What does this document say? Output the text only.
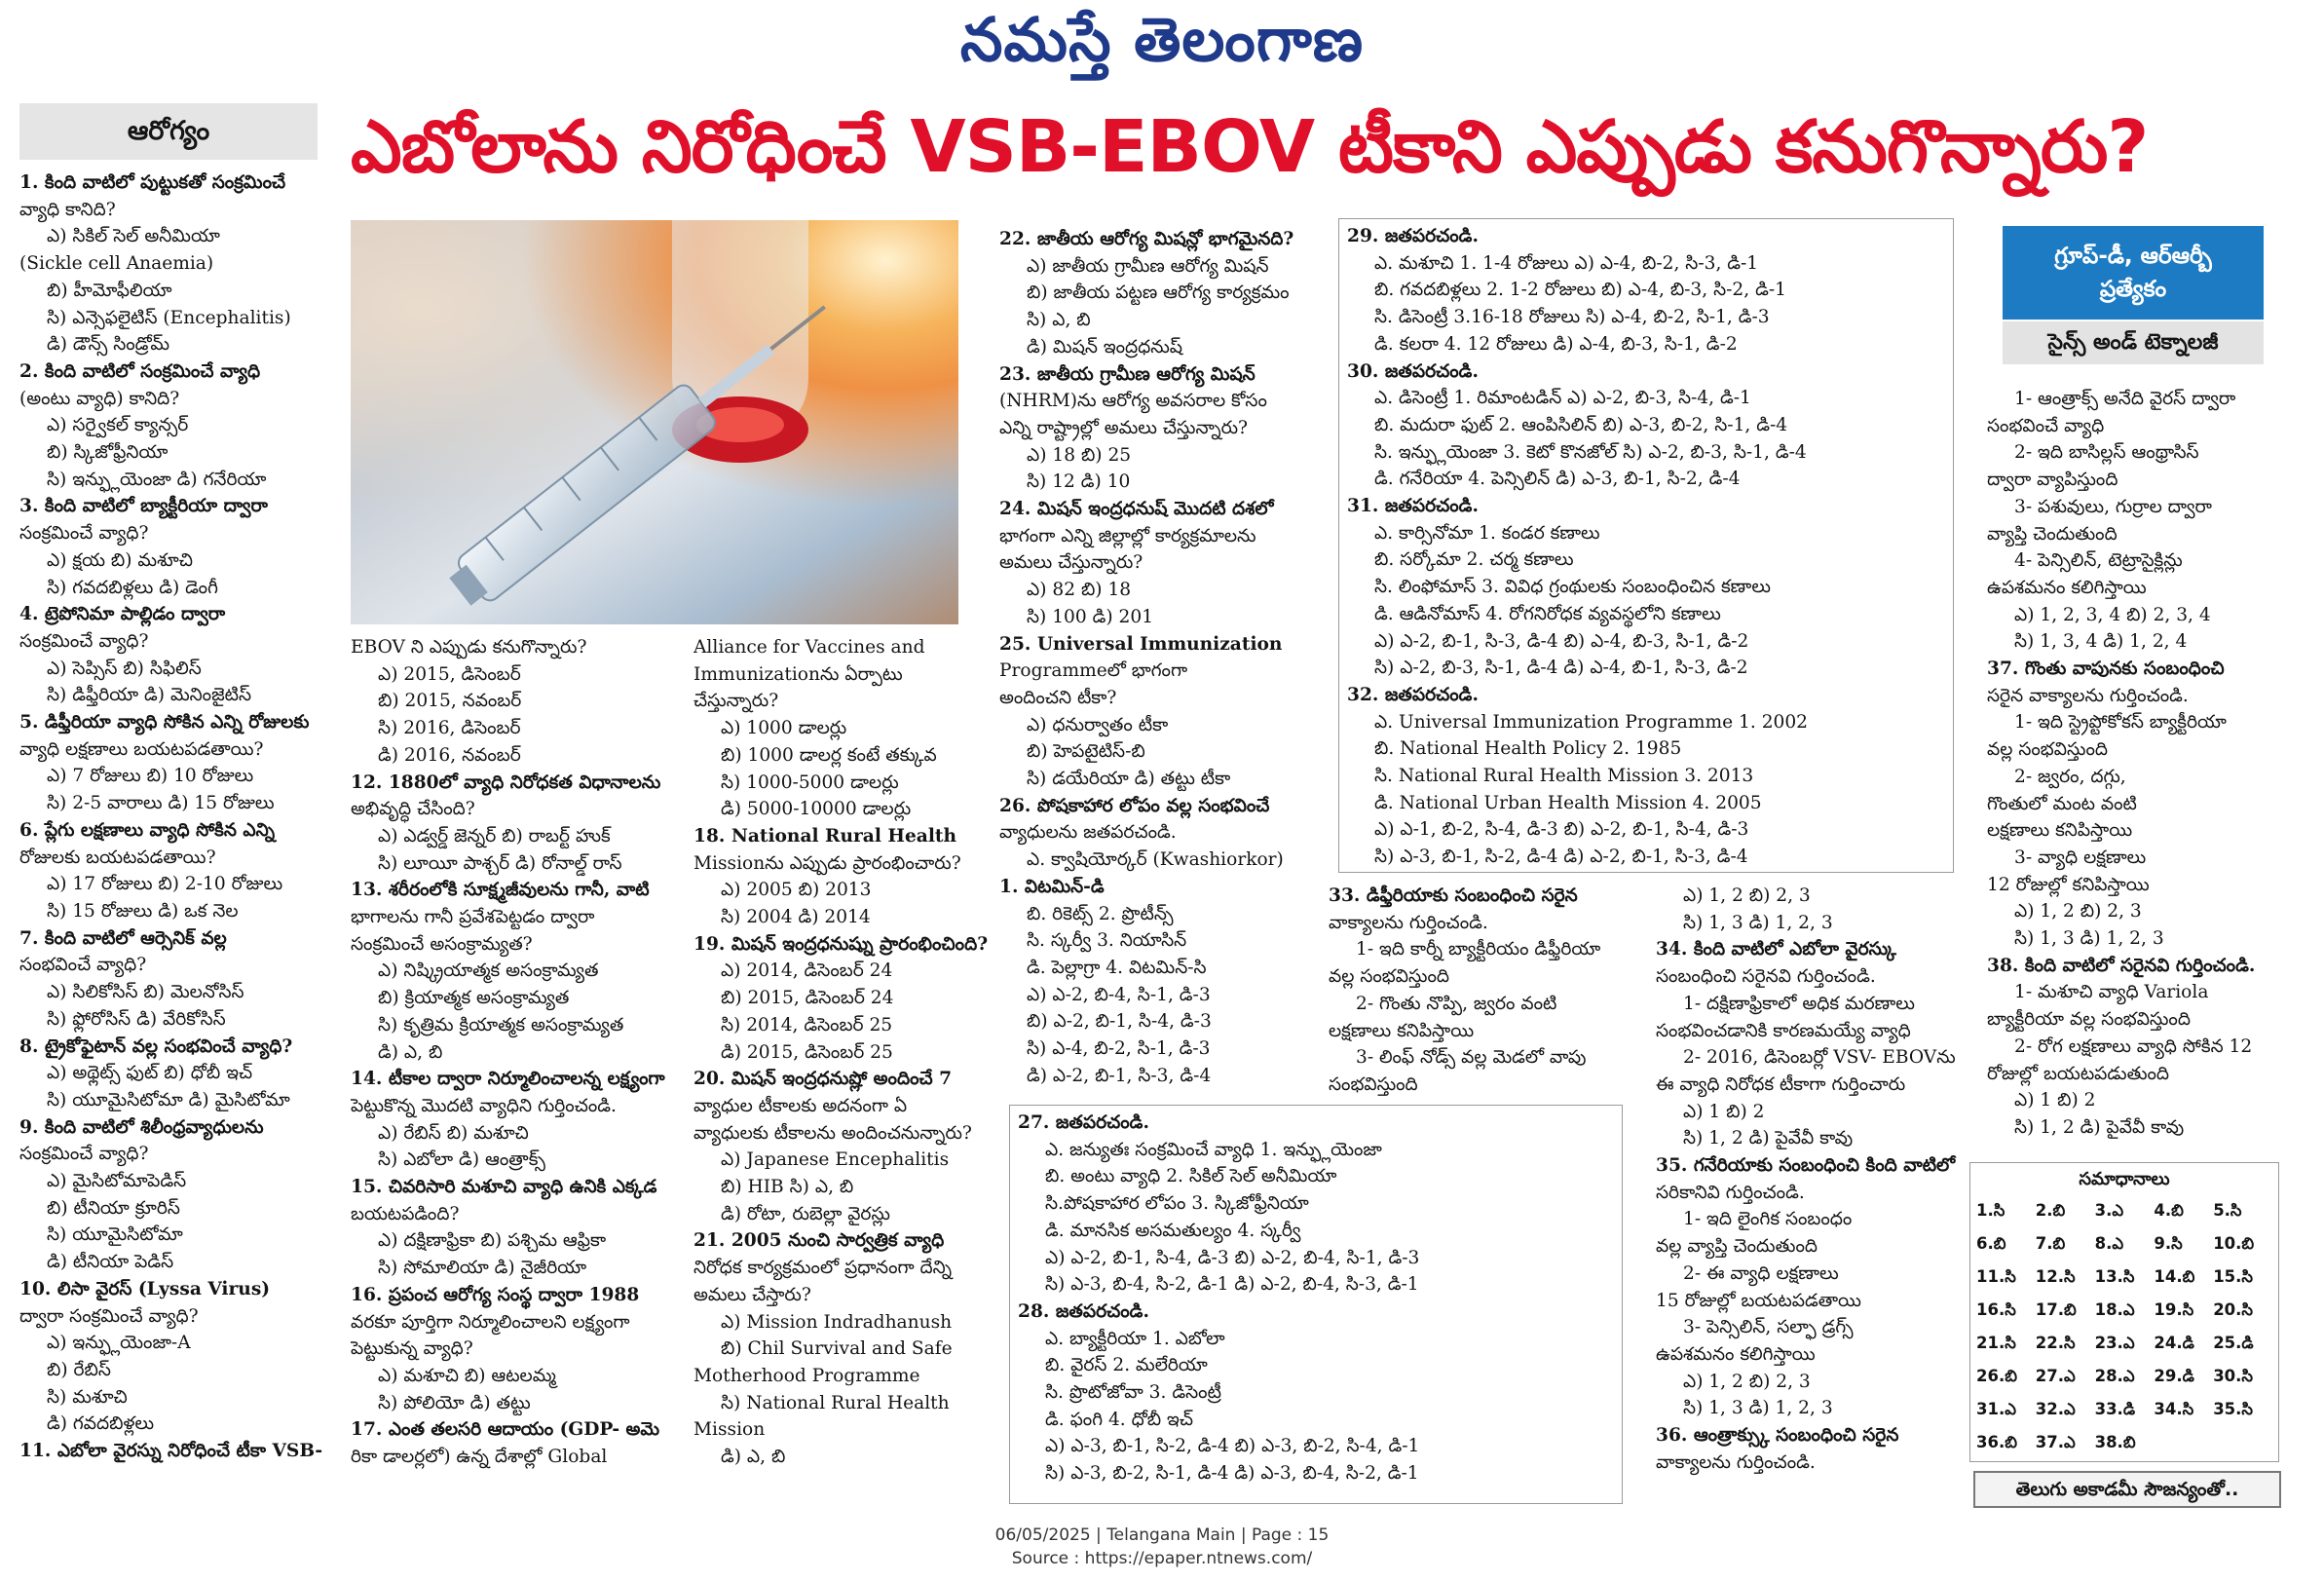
నమస్తే తెలంగాణ
ఆరోగ్యం	ఎబోలాను నిరోధించే VSB-EBOV టీకాని ఎప్పుడు కనుగొన్నారు?
1. కింది వాటిలో పుట్టుకతో సంక్రమించే
వ్యాధి కానిది?
ఎ) సికిల్ సెల్ అనీమియా
(Sickle cell Anaemia)
బి) హీమోఫీలియా
సి) ఎన్సెఫలైటిస్ (Encephalitis)
డి) డౌన్స్ సిండ్రోమ్
2. కింది వాటిలో సంక్రమించే వ్యాధి
(అంటు వ్యాధి) కానిది?
ఎ) సర్వైకల్ క్యాన్సర్
బి) స్కిజోఫ్రీనియా
సి) ఇన్ఫ్లుయెంజా డి) గనేరియా
3. కింది వాటిలో బ్యాక్టీరియా ద్వారా
సంక్రమించే వ్యాధి?
ఎ) క్షయ బి) మశూచి
సి) గవదబిళ్లలు డి) డెంగీ
4. ట్రెపోనిమా పాల్లిడం ద్వారా
సంక్రమించే వ్యాధి?
ఎ) సెప్సిస్ బి) సిఫిలిస్
సి) డిఫ్తీరియా డి) మెనింజైటిస్
5. డిఫ్తీరియా వ్యాధి సోకిన ఎన్ని రోజులకు
వ్యాధి లక్షణాలు బయటపడతాయి?
ఎ) 7 రోజులు బి) 10 రోజులు
సి) 2-5 వారాలు డి) 15 రోజులు
6. ప్లేగు లక్షణాలు వ్యాధి సోకిన ఎన్ని
రోజులకు బయటపడతాయి?
ఎ) 17 రోజులు బి) 2-10 రోజులు
సి) 15 రోజులు డి) ఒక నెల
7. కింది వాటిలో ఆర్సెనిక్ వల్ల
సంభవించే వ్యాధి?
ఎ) సిలికోసిస్ బి) మెలనోసిస్
సి) ఫ్లోరోసిస్ డి) వేరికోసిస్
8. ట్రైకోఫైటాన్ వల్ల సంభవించే వ్యాధి?
ఎ) అథ్లెట్స్ ఫుట్ బి) ధోబీ ఇచ్
సి) యూమైసిటోమా డి) మైసిటోమా
9. కింది వాటిలో శిలీంధ్రవ్యాధులను
సంక్రమించే వ్యాధి?
ఎ) మైసిటోమాపెడిస్
బి) టీనియా క్రూరిస్
సి) యూమైసిటోమా
డి) టీనియా పెడిస్
10. లిసా వైరస్ (Lyssa Virus)
ద్వారా సంక్రమించే వ్యాధి?
ఎ) ఇన్ఫ్లుయెంజా-A
బి) రేబిస్
సి) మశూచి
డి) గవదబిళ్లలు
11. ఎబోలా వైరస్ను నిరోధించే టీకా VSB-
EBOV ని ఎప్పుడు కనుగొన్నారు?
ఎ) 2015, డిసెంబర్
బి) 2015, నవంబర్
సి) 2016, డిసెంబర్
డి) 2016, నవంబర్
12. 1880లో వ్యాధి నిరోధకత విధానాలను
అభివృద్ధి చేసింది?
ఎ) ఎడ్వర్డ్ జెన్నర్ బి) రాబర్ట్ హుక్
సి) లూయీ పాశ్చర్ డి) రోనాల్డ్ రాస్
13. శరీరంలోకి సూక్ష్మజీవులను గానీ, వాటి
భాగాలను గానీ ప్రవేశపెట్టడం ద్వారా
సంక్రమించే అసంక్రామ్యత?
ఎ) నిష్క్రియాత్మక అసంక్రామ్యత
బి) క్రియాత్మక అసంక్రామ్యత
సి) కృత్రిమ క్రియాత్మక అసంక్రామ్యత
డి) ఎ, బి
14. టీకాల ద్వారా నిర్మూలించాలన్న లక్ష్యంగా
పెట్టుకొన్న మొదటి వ్యాధిని గుర్తించండి.
ఎ) రేబిస్ బి) మశూచి
సి) ఎబోలా డి) ఆంత్రాక్స్
15. చివరిసారి మశూచి వ్యాధి ఉనికి ఎక్కడ
బయటపడింది?
ఎ) దక్షిణాఫ్రికా బి) పశ్చిమ ఆఫ్రికా
సి) సోమాలియా డి) నైజీరియా
16. ప్రపంచ ఆరోగ్య సంస్థ ద్వారా 1988
వరకూ పూర్తిగా నిర్మూలించాలని లక్ష్యంగా
పెట్టుకున్న వ్యాధి?
ఎ) మశూచి బి) ఆటలమ్మ
సి) పోలియో డి) తట్టు
17. ఎంత తలసరి ఆదాయం (GDP- అమె
రికా డాలర్లలో) ఉన్న దేశాల్లో Global
Alliance for Vaccines and
Immunizationను ఏర్పాటు
చేస్తున్నారు?
ఎ) 1000 డాలర్లు
బి) 1000 డాలర్ల కంటే తక్కువ
సి) 1000-5000 డాలర్లు
డి) 5000-10000 డాలర్లు
18. National Rural Health
Missionను ఎప్పుడు ప్రారంభించారు?
ఎ) 2005 బి) 2013
సి) 2004 డి) 2014
19. మిషన్ ఇంద్రధనుష్ను ప్రారంభించింది?
ఎ) 2014, డిసెంబర్ 24
బి) 2015, డిసెంబర్ 24
సి) 2014, డిసెంబర్ 25
డి) 2015, డిసెంబర్ 25
20. మిషన్ ఇంద్రధనుష్లో అందించే 7
వ్యాధుల టీకాలకు అదనంగా ఏ
వ్యాధులకు టీకాలను అందించనున్నారు?
ఎ) Japanese Encephalitis
బి) HIB సి) ఎ, బి
డి) రోటా, రుబెల్లా వైరస్లు
21. 2005 నుంచి సార్వత్రిక వ్యాధి
నిరోధక కార్యక్రమంలో ప్రధానంగా దేన్ని
అమలు చేస్తారు?
ఎ) Mission Indradhanush
బి) Chil Survival and Safe
Motherhood Programme
సి) National Rural Health
Mission
డి) ఎ, బి
22. జాతీయ ఆరోగ్య మిషన్లో భాగమైనది?
ఎ) జాతీయ గ్రామీణ ఆరోగ్య మిషన్
బి) జాతీయ పట్టణ ఆరోగ్య కార్యక్రమం
సి) ఎ, బి
డి) మిషన్ ఇంద్రధనుష్
23. జాతీయ గ్రామీణ ఆరోగ్య మిషన్
(NHRM)ను ఆరోగ్య అవసరాల కోసం
ఎన్ని రాష్ట్రాల్లో అమలు చేస్తున్నారు?
ఎ) 18 బి) 25
సి) 12 డి) 10
24. మిషన్ ఇంద్రధనుష్ మొదటి దశలో
భాగంగా ఎన్ని జిల్లాల్లో కార్యక్రమాలను
అమలు చేస్తున్నారు?
ఎ) 82 బి) 18
సి) 100 డి) 201
25. Universal Immunization
Programmeలో భాగంగా
అందించని టీకా?
ఎ) ధనుర్వాతం టీకా
బి) హెపటైటిస్-బి
సి) డయేరియా డి) తట్టు టీకా
26. పోషకాహార లోపం వల్ల సంభవించే
వ్యాధులను జతపరచండి.
ఎ. క్వాషియోర్కర్ (Kwashiorkor)
1. విటమిన్-డి
బి. రికెట్స్ 2. ప్రొటీన్స్
సి. స్కర్వీ 3. నియాసిన్
డి. పెల్లాగ్రా 4. విటమిన్-సి
ఎ) ఎ-2, బి-4, సి-1, డి-3
బి) ఎ-2, బి-1, సి-4, డి-3
సి) ఎ-4, బి-2, సి-1, డి-3
డి) ఎ-2, బి-1, సి-3, డి-4
27. జతపరచండి.
ఎ. జన్యుతః సంక్రమించే వ్యాధి 1. ఇన్ఫ్లుయెంజా
బి. అంటు వ్యాధి 2. సికిల్ సెల్ అనీమియా
సి.పోషకాహార లోపం 3. స్కిజోఫ్రీనియా
డి. మానసిక అసమతుల్యం 4. స్కర్వీ
ఎ) ఎ-2, బి-1, సి-4, డి-3 బి) ఎ-2, బి-4, సి-1, డి-3
సి) ఎ-3, బి-4, సి-2, డి-1 డి) ఎ-2, బి-4, సి-3, డి-1
28. జతపరచండి.
ఎ. బ్యాక్టీరియా 1. ఎబోలా
బి. వైరస్ 2. మలేరియా
సి. ప్రొటోజోవా 3. డిసెంట్రీ
డి. ఫంగి 4. ధోబీ ఇచ్
ఎ) ఎ-3, బి-1, సి-2, డి-4 బి) ఎ-3, బి-2, సి-4, డి-1
సి) ఎ-3, బి-2, సి-1, డి-4 డి) ఎ-3, బి-4, సి-2, డి-1
29. జతపరచండి.
ఎ. మశూచి 1. 1-4 రోజులు ఎ) ఎ-4, బి-2, సి-3, డి-1
బి. గవదబిళ్లలు 2. 1-2 రోజులు బి) ఎ-4, బి-3, సి-2, డి-1
సి. డిసెంట్రీ 3.16-18 రోజులు సి) ఎ-4, బి-2, సి-1, డి-3
డి. కలరా 4. 12 రోజులు డి) ఎ-4, బి-3, సి-1, డి-2
30. జతపరచండి.
ఎ. డిసెంట్రీ 1. రిమాంటడిన్ ఎ) ఎ-2, బి-3, సి-4, డి-1
బి. మదురా ఫుట్ 2. ఆంపిసిలిన్ బి) ఎ-3, బి-2, సి-1, డి-4
సి. ఇన్ఫ్లుయెంజా 3. కెటో కొనజోల్ సి) ఎ-2, బి-3, సి-1, డి-4
డి. గనేరియా 4. పెన్సిలిన్ డి) ఎ-3, బి-1, సి-2, డి-4
31. జతపరచండి.
ఎ. కార్సినోమా 1. కండర కణాలు
బి. సర్కోమా 2. చర్మ కణాలు
సి. లింఫోమాస్ 3. వివిధ గ్రంథులకు సంబంధించిన కణాలు
డి. ఆడినోమాస్ 4. రోగనిరోధక వ్యవస్థలోని కణాలు
ఎ) ఎ-2, బి-1, సి-3, డి-4 బి) ఎ-4, బి-3, సి-1, డి-2
సి) ఎ-2, బి-3, సి-1, డి-4 డి) ఎ-4, బి-1, సి-3, డి-2
32. జతపరచండి.
ఎ. Universal Immunization Programme 1. 2002
బి. National Health Policy 2. 1985
సి. National Rural Health Mission 3. 2013
డి. National Urban Health Mission 4. 2005
ఎ) ఎ-1, బి-2, సి-4, డి-3 బి) ఎ-2, బి-1, సి-4, డి-3
సి) ఎ-3, బి-1, సి-2, డి-4 డి) ఎ-2, బి-1, సి-3, డి-4
33. డిఫ్తీరియాకు సంబంధించి సరైన
వాక్యాలను గుర్తించండి.
1- ఇది కార్నీ బ్యాక్టీరియం డిఫ్తీరియా
వల్ల సంభవిస్తుంది
2- గొంతు నొప్పి, జ్వరం వంటి
లక్షణాలు కనిపిస్తాయి
3- లింఫ్ నోడ్స్ వల్ల మెడలో వాపు
సంభవిస్తుంది
ఎ) 1, 2 బి) 2, 3
సి) 1, 3 డి) 1, 2, 3
34. కింది వాటిలో ఎబోలా వైరస్కు
సంబంధించి సరైనవి గుర్తించండి.
1- దక్షిణాఫ్రికాలో అధిక మరణాలు
సంభవించడానికి కారణమయ్యే వ్యాధి
2- 2016, డిసెంబర్లో VSV- EBOVను
ఈ వ్యాధి నిరోధక టీకాగా గుర్తించారు
ఎ) 1 బి) 2
సి) 1, 2 డి) పైవేవీ కావు
35. గనేరియాకు సంబంధించి కింది వాటిలో
సరికానివి గుర్తించండి.
1- ఇది లైంగిక సంబంధం
వల్ల వ్యాప్తి చెందుతుంది
2- ఈ వ్యాధి లక్షణాలు
15 రోజుల్లో బయటపడతాయి
3- పెన్సిలిన్, సల్ఫా డ్రగ్స్
ఉపశమనం కలిగిస్తాయి
ఎ) 1, 2 బి) 2, 3
సి) 1, 3 డి) 1, 2, 3
36. ఆంత్రాక్స్కు సంబంధించి సరైన
వాక్యాలను గుర్తించండి.
గ్రూప్-డీ, ఆర్ఆర్బీ
ప్రత్యేకం
సైన్స్ అండ్ టెక్నాలజీ
1- ఆంత్రాక్స్ అనేది వైరస్ ద్వారా
సంభవించే వ్యాధి
2- ఇది బాసిల్లస్ ఆంథ్రాసిస్
ద్వారా వ్యాపిస్తుంది
3- పశువులు, గుర్రాల ద్వారా
వ్యాప్తి చెందుతుంది
4- పెన్సిలిన్, టెట్రాసైక్లిన్లు
ఉపశమనం కలిగిస్తాయి
ఎ) 1, 2, 3, 4 బి) 2, 3, 4
సి) 1, 3, 4 డి) 1, 2, 4
37. గొంతు వాపునకు సంబంధించి
సరైన వాక్యాలను గుర్తించండి.
1- ఇది స్ట్రెప్టోకోకస్ బ్యాక్టీరియా
వల్ల సంభవిస్తుంది
2- జ్వరం, దగ్గు,
గొంతులో మంట వంటి
లక్షణాలు కనిపిస్తాయి
3- వ్యాధి లక్షణాలు
12 రోజుల్లో కనిపిస్తాయి
ఎ) 1, 2 బి) 2, 3
సి) 1, 3 డి) 1, 2, 3
38. కింది వాటిలో సరైనవి గుర్తించండి.
1- మశూచి వ్యాధి Variola
బ్యాక్టీరియా వల్ల సంభవిస్తుంది
2- రోగ లక్షణాలు వ్యాధి సోకిన 12
రోజుల్లో బయటపడుతుంది
ఎ) 1 బి) 2
సి) 1, 2 డి) పైవేవీ కావు
సమాధానాలు
1.సి	2.బి	3.ఎ	4.బి	5.సి
6.బి	7.బి	8.ఎ	9.సి	10.బి
11.సి	12.సి	13.సి	14.బి	15.సి
16.సి	17.బి	18.ఎ	19.సి	20.సి
21.సి	22.సి	23.ఎ	24.డి	25.డి
26.బి	27.ఎ	28.ఎ	29.డి	30.సి
31.ఎ	32.ఎ	33.డి	34.సి	35.సి
36.బి	37.ఎ	38.బి
తెలుగు అకాడమీ సౌజన్యంతో..
06/05/2025 | Telangana Main | Page : 15
Source : https://epaper.ntnews.com/
